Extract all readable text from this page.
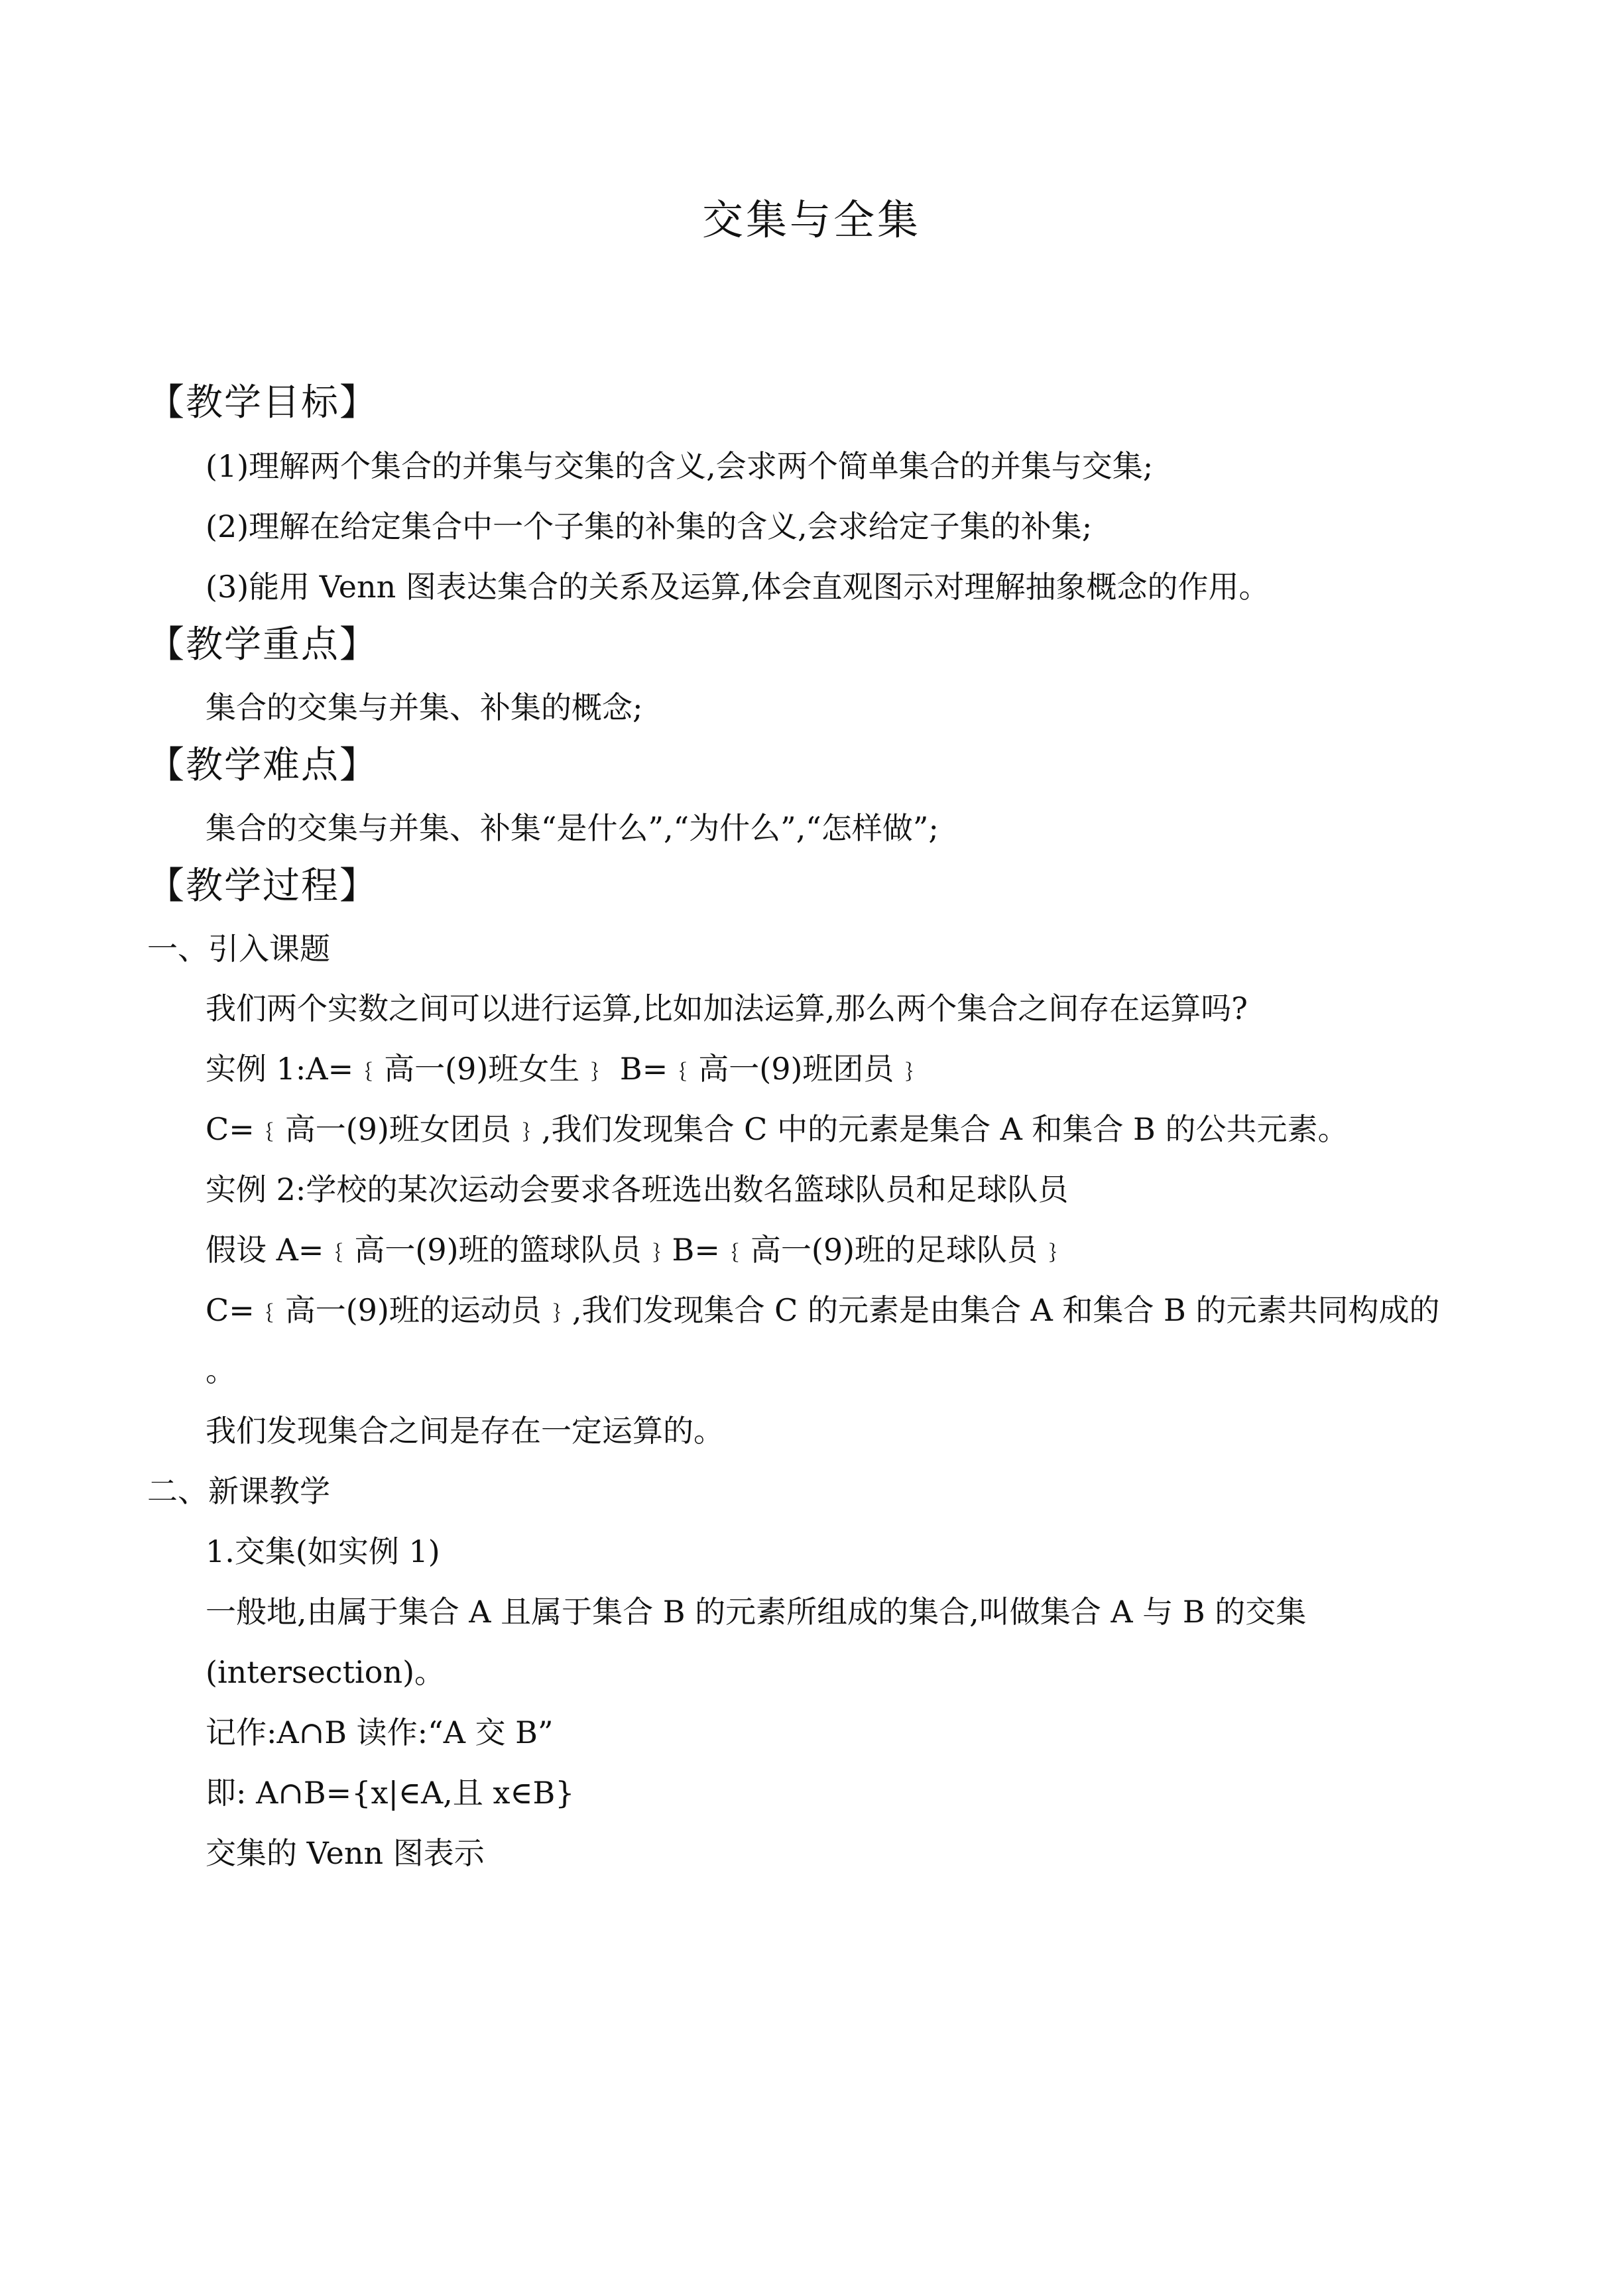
交集与全集
【教学目标】
(1)理解两个集合的并集与交集的含义,会求两个简单集合的并集与交集;
(2)理解在给定集合中一个子集的补集的含义,会求给定子集的补集;
(3)能用 Venn 图表达集合的关系及运算,体会直观图示对理解抽象概念的作用。
【教学重点】
集合的交集与并集、补集的概念;
【教学难点】
集合的交集与并集、补集“是什么”,“为什么”,“怎样做”;
【教学过程】
一、引入课题
我们两个实数之间可以进行运算,比如加法运算,那么两个集合之间存在运算吗?
实例 1:A=﹛高一(9)班女生﹜ B=﹛高一(9)班团员﹜
C=﹛高一(9)班女团员﹜,我们发现集合 C 中的元素是集合 A 和集合 B 的公共元素。
实例 2:学校的某次运动会要求各班选出数名篮球队员和足球队员
假设 A=﹛高一(9)班的篮球队员﹜B=﹛高一(9)班的足球队员﹜
C=﹛高一(9)班的运动员﹜,我们发现集合 C 的元素是由集合 A 和集合 B 的元素共同构成的
。
我们发现集合之间是存在一定运算的。
二、新课教学
1.交集(如实例 1)
一般地,由属于集合 A 且属于集合 B 的元素所组成的集合,叫做集合 A 与 B 的交集
(intersection)。
记作:A∩B 读作:“A 交 B”
即: A∩B={x|∈A,且 x∈B}
交集的 Venn 图表示
